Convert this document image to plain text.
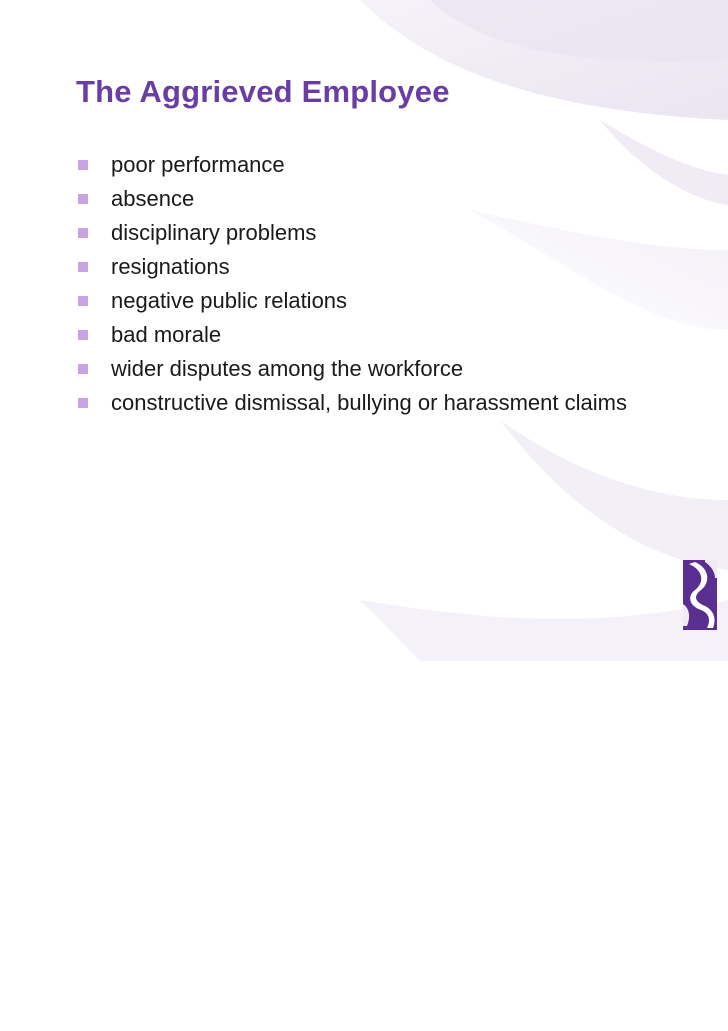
The Aggrieved Employee
poor performance
absence
disciplinary problems
resignations
negative public relations
bad morale
wider disputes among the workforce
constructive dismissal, bullying or harassment claims
